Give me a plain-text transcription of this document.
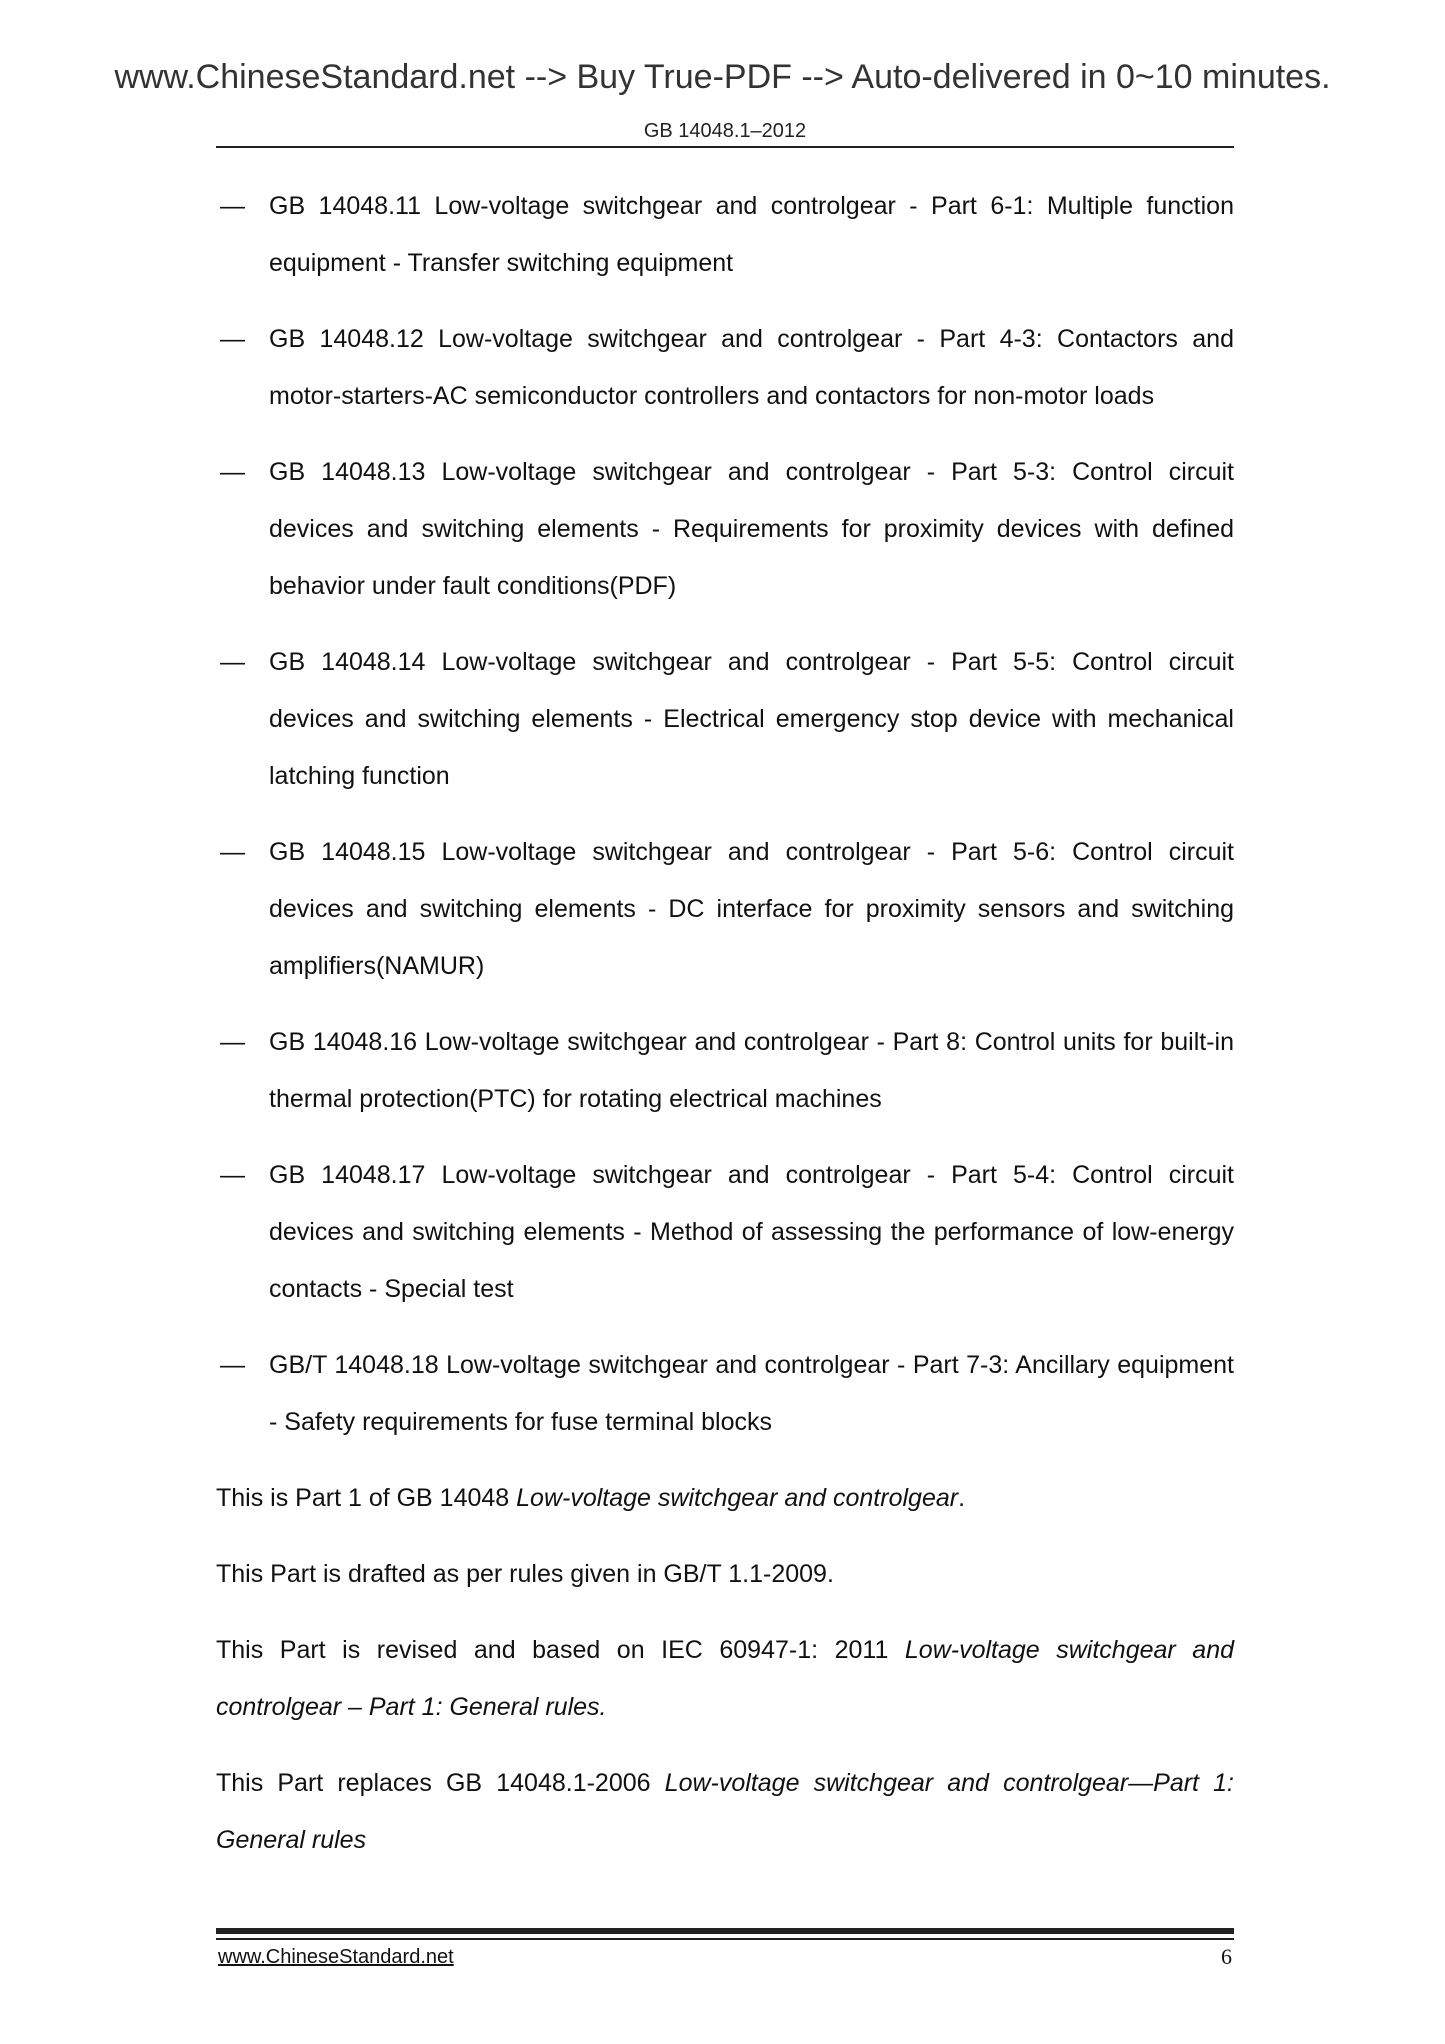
www.ChineseStandard.net --> Buy True-PDF --> Auto-delivered in 0~10 minutes.
GB 14048.1–2012
— GB 14048.11 Low-voltage switchgear and controlgear - Part 6-1: Multiple function equipment - Transfer switching equipment
— GB 14048.12 Low-voltage switchgear and controlgear - Part 4-3: Contactors and motor-starters-AC semiconductor controllers and contactors for non-motor loads
— GB 14048.13 Low-voltage switchgear and controlgear - Part 5-3: Control circuit devices and switching elements - Requirements for proximity devices with defined behavior under fault conditions(PDF)
— GB 14048.14 Low-voltage switchgear and controlgear - Part 5-5: Control circuit devices and switching elements - Electrical emergency stop device with mechanical latching function
— GB 14048.15 Low-voltage switchgear and controlgear - Part 5-6: Control circuit devices and switching elements - DC interface for proximity sensors and switching amplifiers(NAMUR)
— GB 14048.16 Low-voltage switchgear and controlgear - Part 8: Control units for built-in thermal protection(PTC) for rotating electrical machines
— GB 14048.17 Low-voltage switchgear and controlgear - Part 5-4: Control circuit devices and switching elements - Method of assessing the performance of low-energy contacts - Special test
— GB/T 14048.18 Low-voltage switchgear and controlgear - Part 7-3: Ancillary equipment - Safety requirements for fuse terminal blocks

This is Part 1 of GB 14048 Low-voltage switchgear and controlgear.

This Part is drafted as per rules given in GB/T 1.1-2009.

This Part is revised and based on IEC 60947-1: 2011 Low-voltage switchgear and controlgear – Part 1: General rules.

This Part replaces GB 14048.1-2006 Low-voltage switchgear and controlgear—Part 1: General rules

www.ChineseStandard.net	6
